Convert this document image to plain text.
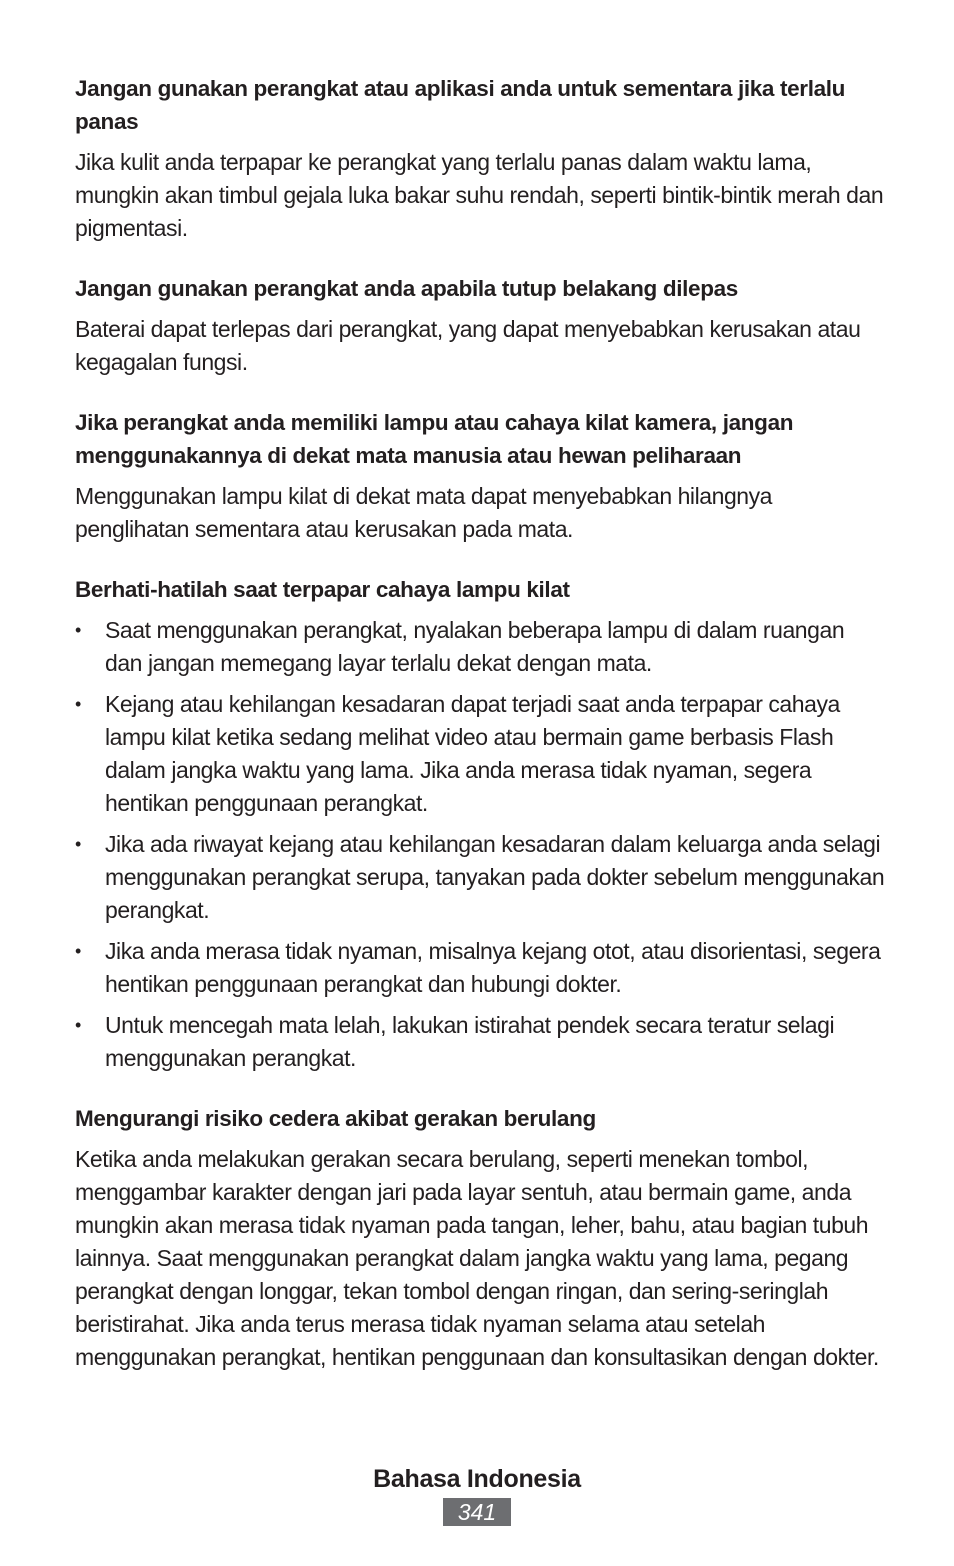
Jangan gunakan perangkat atau aplikasi anda untuk sementara jika terlalu panas

Jika kulit anda terpapar ke perangkat yang terlalu panas dalam waktu lama, mungkin akan timbul gejala luka bakar suhu rendah, seperti bintik-bintik merah dan pigmentasi.

Jangan gunakan perangkat anda apabila tutup belakang dilepas

Baterai dapat terlepas dari perangkat, yang dapat menyebabkan kerusakan atau kegagalan fungsi.

Jika perangkat anda memiliki lampu atau cahaya kilat kamera, jangan menggunakannya di dekat mata manusia atau hewan peliharaan

Menggunakan lampu kilat di dekat mata dapat menyebabkan hilangnya penglihatan sementara atau kerusakan pada mata.

Berhati-hatilah saat terpapar cahaya lampu kilat

• Saat menggunakan perangkat, nyalakan beberapa lampu di dalam ruangan dan jangan memegang layar terlalu dekat dengan mata.
• Kejang atau kehilangan kesadaran dapat terjadi saat anda terpapar cahaya lampu kilat ketika sedang melihat video atau bermain game berbasis Flash dalam jangka waktu yang lama. Jika anda merasa tidak nyaman, segera hentikan penggunaan perangkat.
• Jika ada riwayat kejang atau kehilangan kesadaran dalam keluarga anda selagi menggunakan perangkat serupa, tanyakan pada dokter sebelum menggunakan perangkat.
• Jika anda merasa tidak nyaman, misalnya kejang otot, atau disorientasi, segera hentikan penggunaan perangkat dan hubungi dokter.
• Untuk mencegah mata lelah, lakukan istirahat pendek secara teratur selagi menggunakan perangkat.

Mengurangi risiko cedera akibat gerakan berulang

Ketika anda melakukan gerakan secara berulang, seperti menekan tombol, menggambar karakter dengan jari pada layar sentuh, atau bermain game, anda mungkin akan merasa tidak nyaman pada tangan, leher, bahu, atau bagian tubuh lainnya. Saat menggunakan perangkat dalam jangka waktu yang lama, pegang perangkat dengan longgar, tekan tombol dengan ringan, dan sering-seringlah beristirahat. Jika anda terus merasa tidak nyaman selama atau setelah menggunakan perangkat, hentikan penggunaan dan konsultasikan dengan dokter.

Bahasa Indonesia
341
